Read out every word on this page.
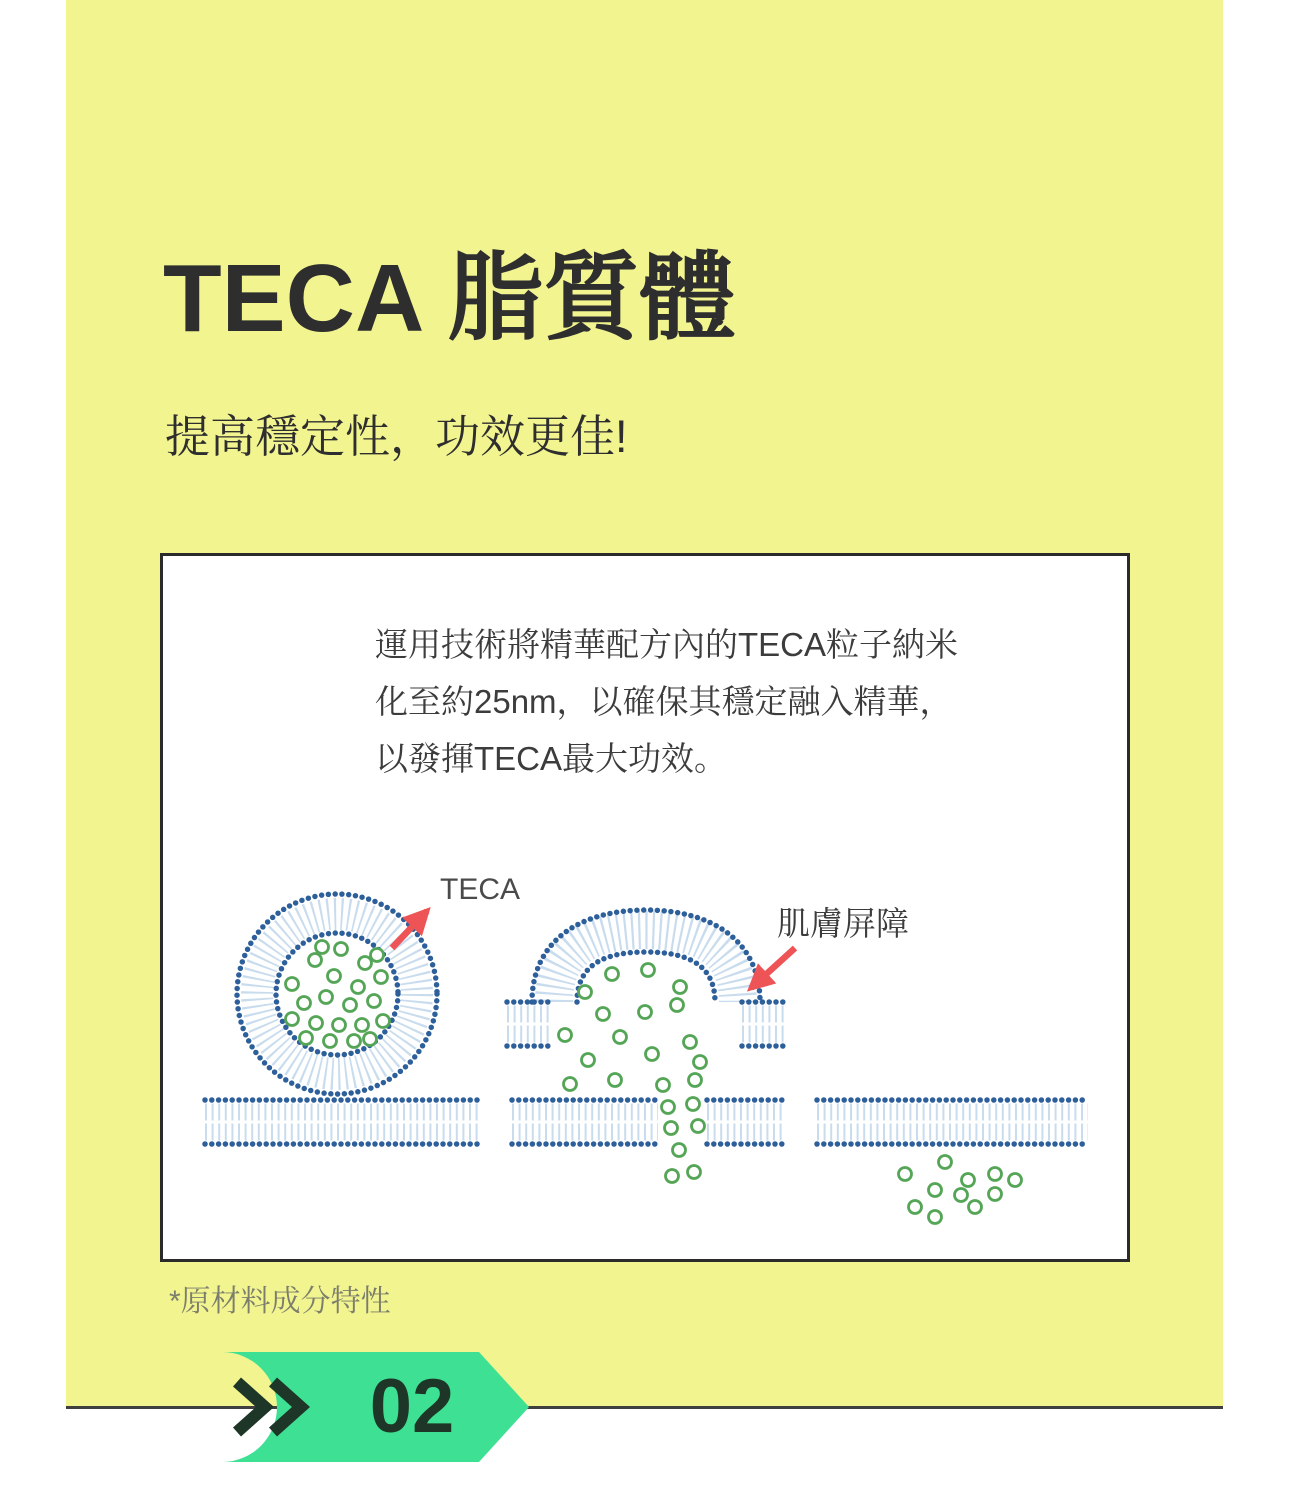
TECA 脂質體
提高穩定性，功效更佳!
運用技術將精華配方內的TECA粒子納米
化至約25nm，以確保其穩定融入精華，
以發揮TECA最大功效。
TECA
肌膚屏障
*原材料成分特性
02
